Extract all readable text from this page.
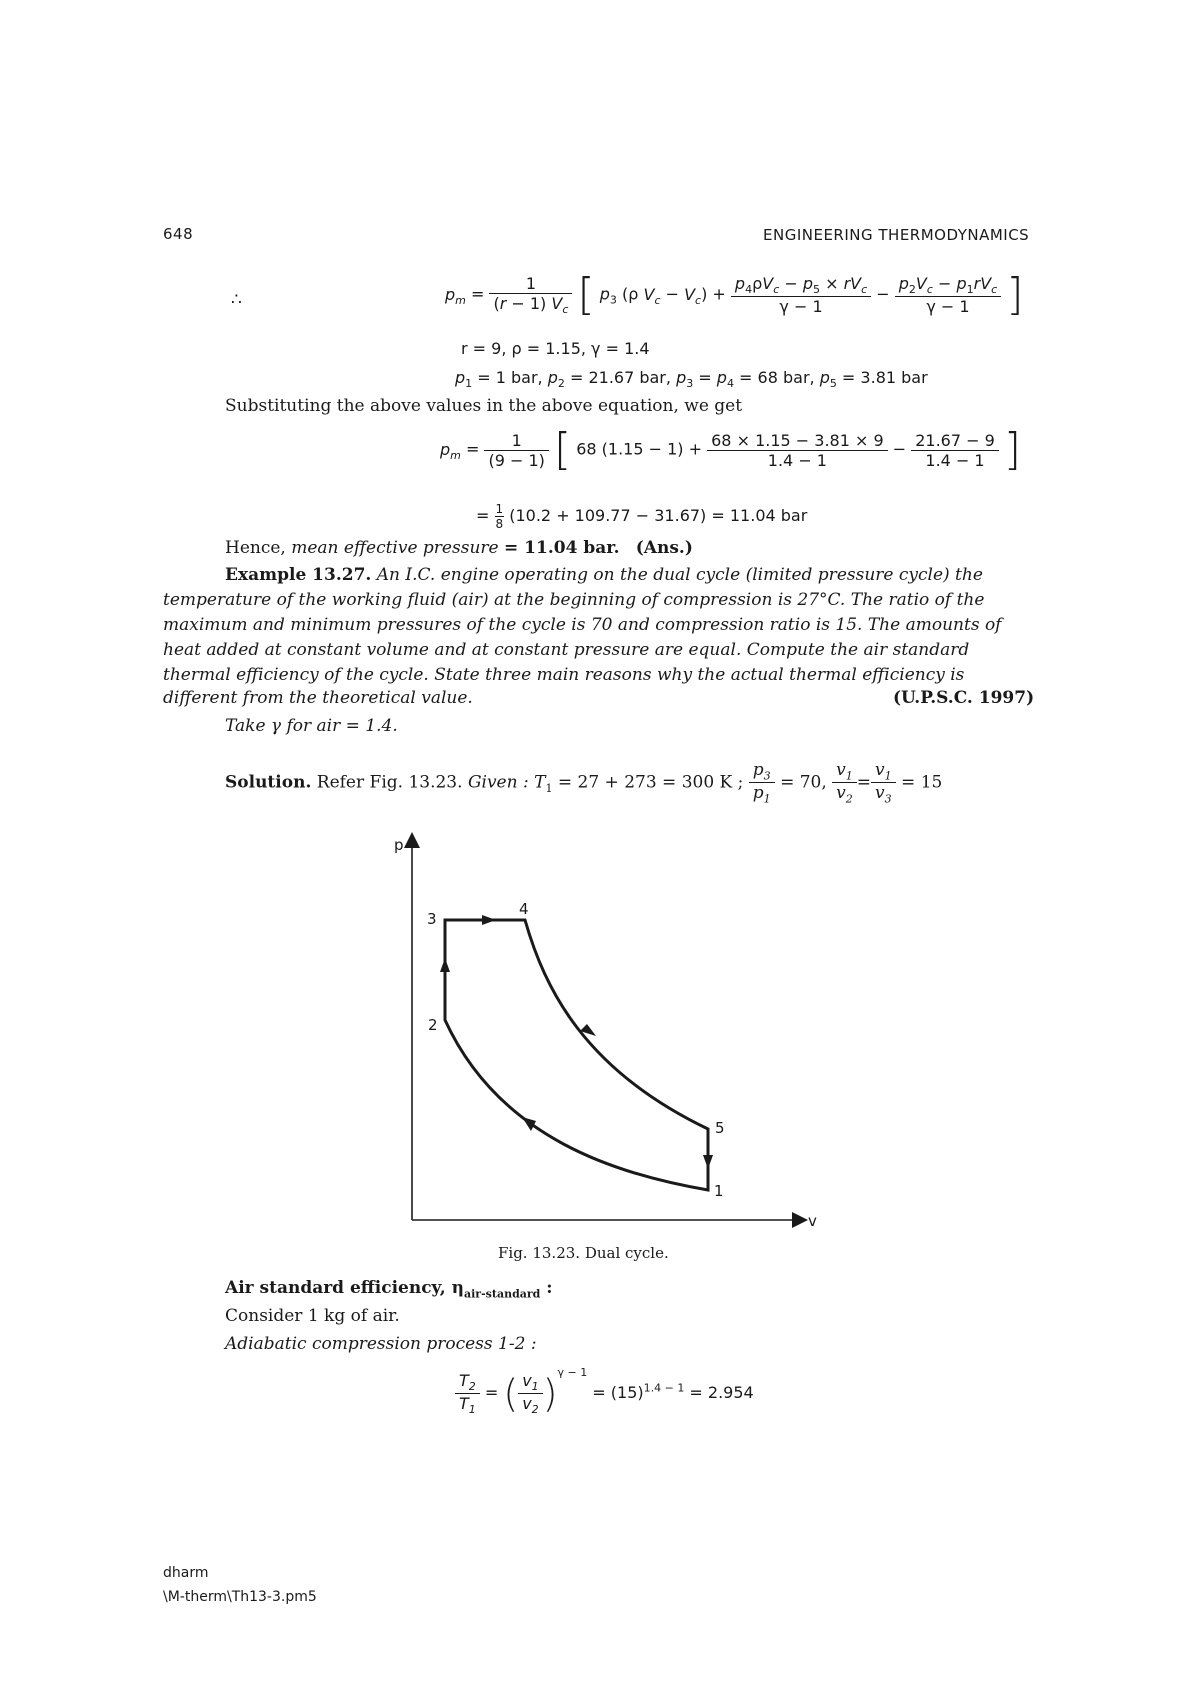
648	ENGINEERING THERMODYNAMICS
∴	$p_m = \frac{1}{(r - 1) V_c}$ [ $p_3$ (ρ $V_c - V_c) + \frac{p_4\rho V_c - p_5 \times rV_c}{\gamma - 1} - \frac{p_2V_c - p_1rV_c}{\gamma - 1}$ ]
r = 9, ρ = 1.15, γ = 1.4
$p_1 = 1$ bar, $p_2 = 21.67$ bar, $p_3 = p_4 = 68$ bar, $p_5 = 3.81$ bar
Substituting the above values in the above equation, we get
$p_m = \frac{1}{(9 - 1)}$ [ 68 $(1.15 - 1) + \frac{68 \times 1.15 - 3.81 \times 9}{1.4 - 1} - \frac{21.67 - 9}{1.4 - 1}$ ]
= $\frac{1}{8} (10.2 + 109.77 - 31.67) = 11.04$ bar
Hence, mean effective pressure = 11.04 bar. (Ans.)
Example 13.27. An I.C. engine operating on the dual cycle (limited pressure cycle) the
temperature of the working fluid (air) at the beginning of compression is 27°C. The ratio of the
maximum and minimum pressures of the cycle is 70 and compression ratio is 15. The amounts of
heat added at constant volume and at constant pressure are equal. Compute the air standard
thermal efficiency of the cycle. State three main reasons why the actual thermal efficiency is
different from the theoretical value.	(U.P.S.C. 1997)
Take γ for air = 1.4.
Solution. Refer Fig. 13.23. Given : $T_1 = 27 + 273 = 300$ K ; $\frac{p_3}{p_1} = 70$, $\frac{v_1}{v_2} = \frac{v_1}{v_3} = 15$
p
v
3
4
2
5
1
Fig. 13.23. Dual cycle.
Air standard efficiency, $\eta_{air-standard}$ :
Consider 1 kg of air.
Adiabatic compression process 1-2 :
$\frac{T_2}{T_1}$ = ( $\frac{v_1}{v_2} )^{\gamma - 1} = (15)^{1.4 - 1} = 2.954$
dharm
\M-therm\Th13-3.pm5
